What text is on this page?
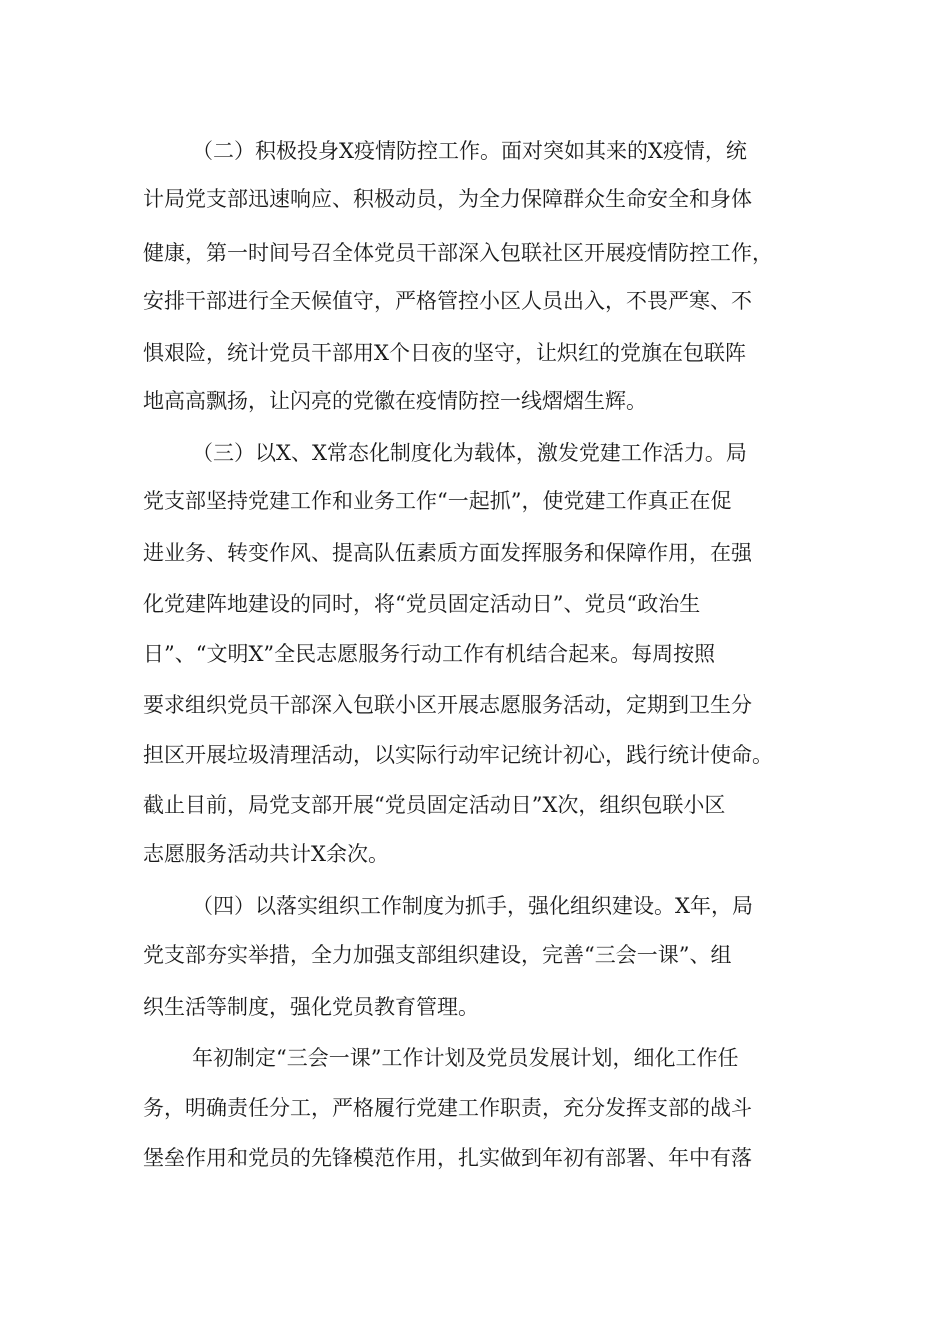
（二）积极投身X疫情防控工作。面对突如其来的X疫情，统
计局党支部迅速响应、积极动员，为全力保障群众生命安全和身体
健康，第一时间号召全体党员干部深入包联社区开展疫情防控工作，
安排干部进行全天候值守，严格管控小区人员出入，不畏严寒、不
惧艰险，统计党员干部用X个日夜的坚守，让炽红的党旗在包联阵
地高高飘扬，让闪亮的党徽在疫情防控一线熠熠生辉。
（三）以X、X常态化制度化为载体，激发党建工作活力。局
党支部坚持党建工作和业务工作“一起抓”，使党建工作真正在促
进业务、转变作风、提高队伍素质方面发挥服务和保障作用，在强
化党建阵地建设的同时，将“党员固定活动日”、党员“政治生
日”、“文明X”全民志愿服务行动工作有机结合起来。每周按照
要求组织党员干部深入包联小区开展志愿服务活动，定期到卫生分
担区开展垃圾清理活动，以实际行动牢记统计初心，践行统计使命。
截止目前，局党支部开展“党员固定活动日”X次，组织包联小区
志愿服务活动共计X余次。
（四）以落实组织工作制度为抓手，强化组织建设。X年，局
党支部夯实举措，全力加强支部组织建设，完善“三会一课”、组
织生活等制度，强化党员教育管理。
年初制定“三会一课”工作计划及党员发展计划，细化工作任
务，明确责任分工，严格履行党建工作职责，充分发挥支部的战斗
堡垒作用和党员的先锋模范作用，扎实做到年初有部署、年中有落
